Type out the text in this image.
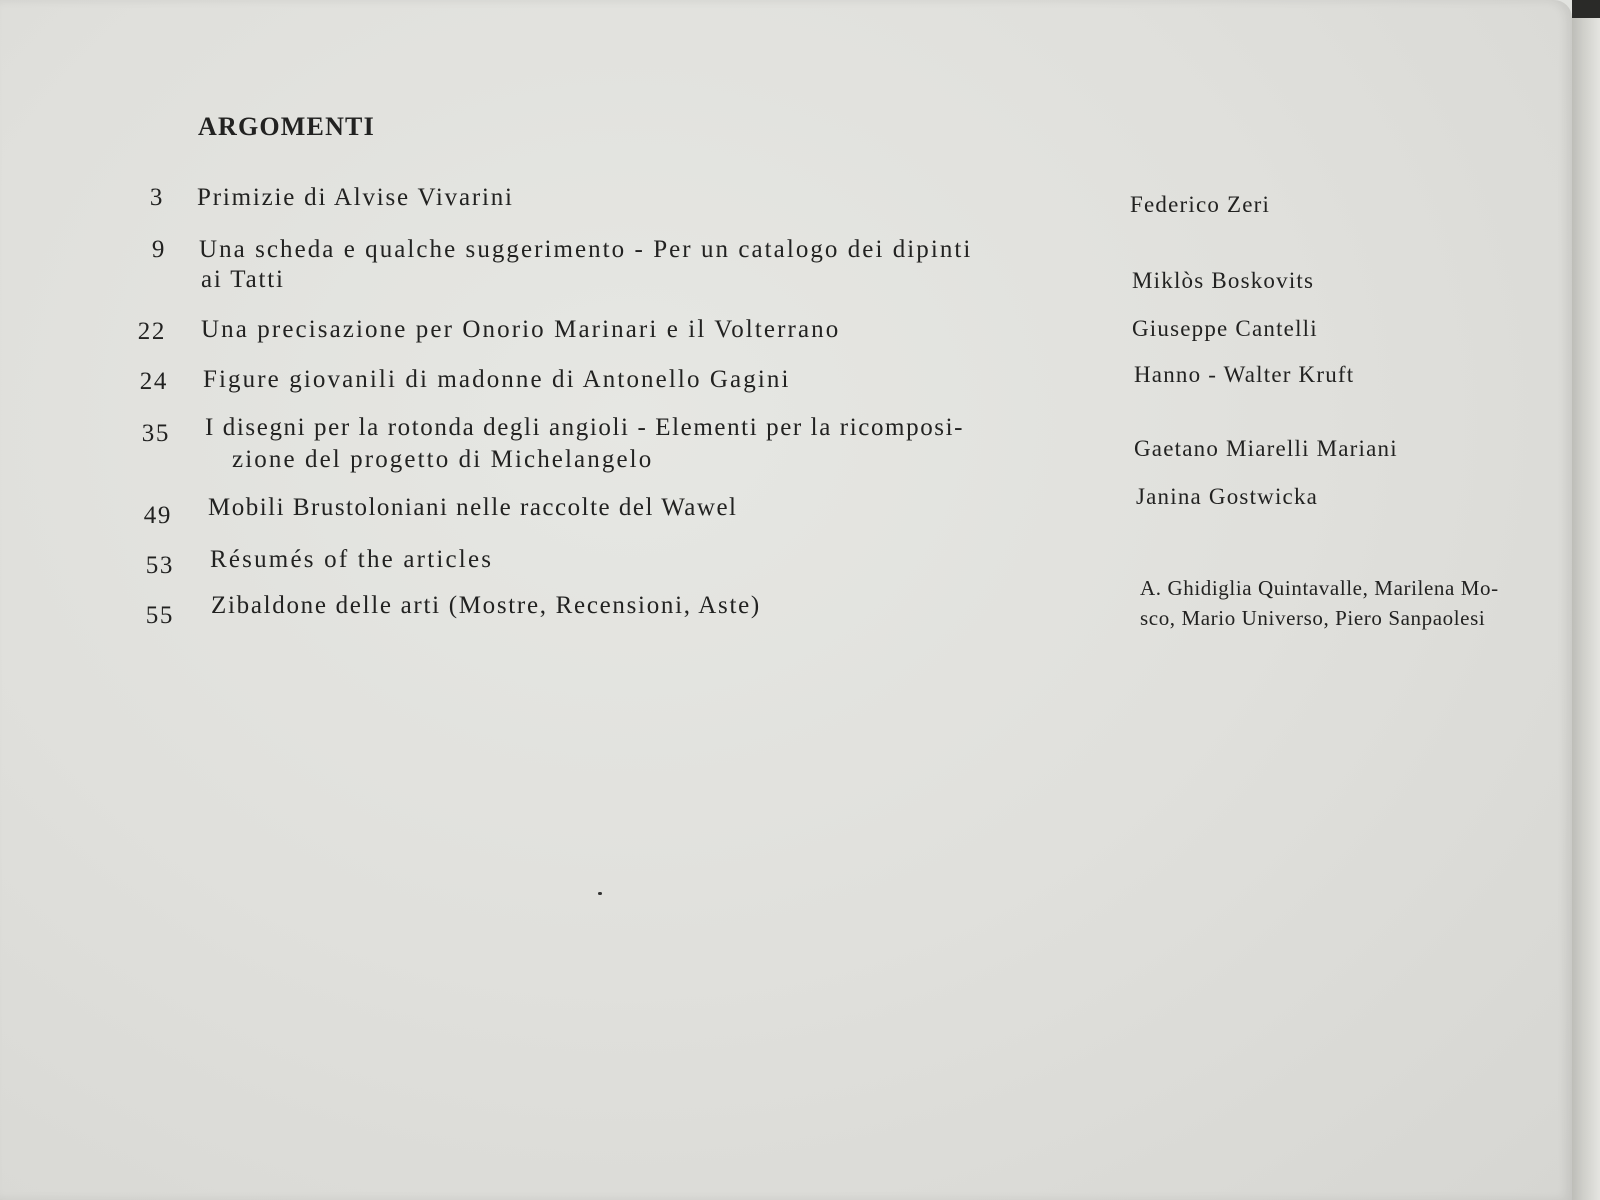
ARGOMENTI
3 Primizie di Alvise Vivarini	Federico Zeri
9 Una scheda e qualche suggerimento - Per un catalogo dei dipinti
ai Tatti	Miklòs Boskovits
22 Una precisazione per Onorio Marinari e il Volterrano	Giuseppe Cantelli
24 Figure giovanili di madonne di Antonello Gagini	Hanno - Walter Kruft
35 I disegni per la rotonda degli angioli - Elementi per la ricomposi-
zione del progetto di Michelangelo	Gaetano Miarelli Mariani
49 Mobili Brustoloniani nelle raccolte del Wawel	Janina Gostwicka
53 Résumés of the articles
55 Zibaldone delle arti (Mostre, Recensioni, Aste)
A. Ghidiglia Quintavalle, Marilena Mo-
sco, Mario Universo, Piero Sanpaolesi
